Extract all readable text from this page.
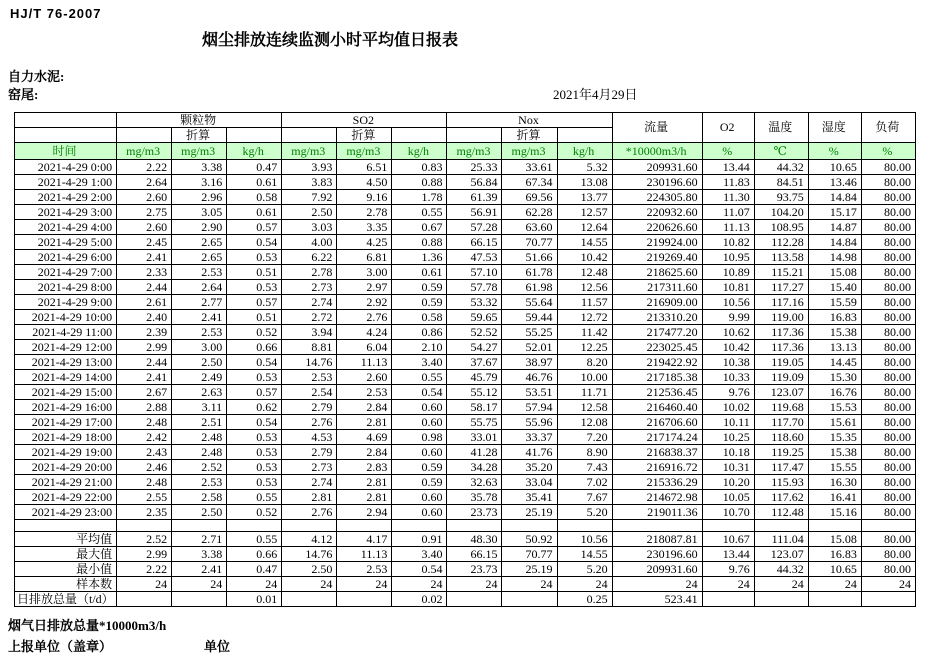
HJ/T 76-2007
烟尘排放连续监测小时平均值日报表
自力水泥:
窑尾:	2021年4月29日
	颗粒物			SO2			Nox			流量	O2	温度	湿度	负荷
		折算			折算			折算						
时间	mg/m3	mg/m3	kg/h	mg/m3	mg/m3	kg/h	mg/m3	mg/m3	kg/h	*10000m3/h	%	℃	%	%
2021-4-29 0:00	2.22	3.38	0.47	3.93	6.51	0.83	25.33	33.61	5.32	209931.60	13.44	44.32	10.65	80.00
2021-4-29 1:00	2.64	3.16	0.61	3.83	4.50	0.88	56.84	67.34	13.08	230196.60	11.83	84.51	13.46	80.00
2021-4-29 2:00	2.60	2.96	0.58	7.92	9.16	1.78	61.39	69.56	13.77	224305.80	11.30	93.75	14.84	80.00
2021-4-29 3:00	2.75	3.05	0.61	2.50	2.78	0.55	56.91	62.28	12.57	220932.60	11.07	104.20	15.17	80.00
2021-4-29 4:00	2.60	2.90	0.57	3.03	3.35	0.67	57.28	63.60	12.64	220626.60	11.13	108.95	14.87	80.00
2021-4-29 5:00	2.45	2.65	0.54	4.00	4.25	0.88	66.15	70.77	14.55	219924.00	10.82	112.28	14.84	80.00
2021-4-29 6:00	2.41	2.65	0.53	6.22	6.81	1.36	47.53	51.66	10.42	219269.40	10.95	113.58	14.98	80.00
2021-4-29 7:00	2.33	2.53	0.51	2.78	3.00	0.61	57.10	61.78	12.48	218625.60	10.89	115.21	15.08	80.00
2021-4-29 8:00	2.44	2.64	0.53	2.73	2.97	0.59	57.78	61.98	12.56	217311.60	10.81	117.27	15.40	80.00
2021-4-29 9:00	2.61	2.77	0.57	2.74	2.92	0.59	53.32	55.64	11.57	216909.00	10.56	117.16	15.59	80.00
2021-4-29 10:00	2.40	2.41	0.51	2.72	2.76	0.58	59.65	59.44	12.72	213310.20	9.99	119.00	16.83	80.00
2021-4-29 11:00	2.39	2.53	0.52	3.94	4.24	0.86	52.52	55.25	11.42	217477.20	10.62	117.36	15.38	80.00
2021-4-29 12:00	2.99	3.00	0.66	8.81	6.04	2.10	54.27	52.01	12.25	223025.45	10.42	117.36	13.13	80.00
2021-4-29 13:00	2.44	2.50	0.54	14.76	11.13	3.40	37.67	38.97	8.20	219422.92	10.38	119.05	14.45	80.00
2021-4-29 14:00	2.41	2.49	0.53	2.53	2.60	0.55	45.79	46.76	10.00	217185.38	10.33	119.09	15.30	80.00
2021-4-29 15:00	2.67	2.63	0.57	2.54	2.53	0.54	55.12	53.51	11.71	212536.45	9.76	123.07	16.76	80.00
2021-4-29 16:00	2.88	3.11	0.62	2.79	2.84	0.60	58.17	57.94	12.58	216460.40	10.02	119.68	15.53	80.00
2021-4-29 17:00	2.48	2.51	0.54	2.76	2.81	0.60	55.75	55.96	12.08	216706.60	10.11	117.70	15.61	80.00
2021-4-29 18:00	2.42	2.48	0.53	4.53	4.69	0.98	33.01	33.37	7.20	217174.24	10.25	118.60	15.35	80.00
2021-4-29 19:00	2.43	2.48	0.53	2.79	2.84	0.60	41.28	41.76	8.90	216838.37	10.18	119.25	15.38	80.00
2021-4-29 20:00	2.46	2.52	0.53	2.73	2.83	0.59	34.28	35.20	7.43	216916.72	10.31	117.47	15.55	80.00
2021-4-29 21:00	2.48	2.53	0.53	2.74	2.81	0.59	32.63	33.04	7.02	215336.29	10.20	115.93	16.30	80.00
2021-4-29 22:00	2.55	2.58	0.55	2.81	2.81	0.60	35.78	35.41	7.67	214672.98	10.05	117.62	16.41	80.00
2021-4-29 23:00	2.35	2.50	0.52	2.76	2.94	0.60	23.73	25.19	5.20	219011.36	10.70	112.48	15.16	80.00

平均值	2.52	2.71	0.55	4.12	4.17	0.91	48.30	50.92	10.56	218087.81	10.67	111.04	15.08	80.00
最大值	2.99	3.38	0.66	14.76	11.13	3.40	66.15	70.77	14.55	230196.60	13.44	123.07	16.83	80.00
最小值	2.22	2.41	0.47	2.50	2.53	0.54	23.73	25.19	5.20	209931.60	9.76	44.32	10.65	80.00
样本数	24	24	24	24	24	24	24	24	24	24	24	24	24	24
日排放总量（t/d）			0.01			0.02			0.25	523.41				
烟气日排放总量*10000m3/h
上报单位（盖章）	单位
